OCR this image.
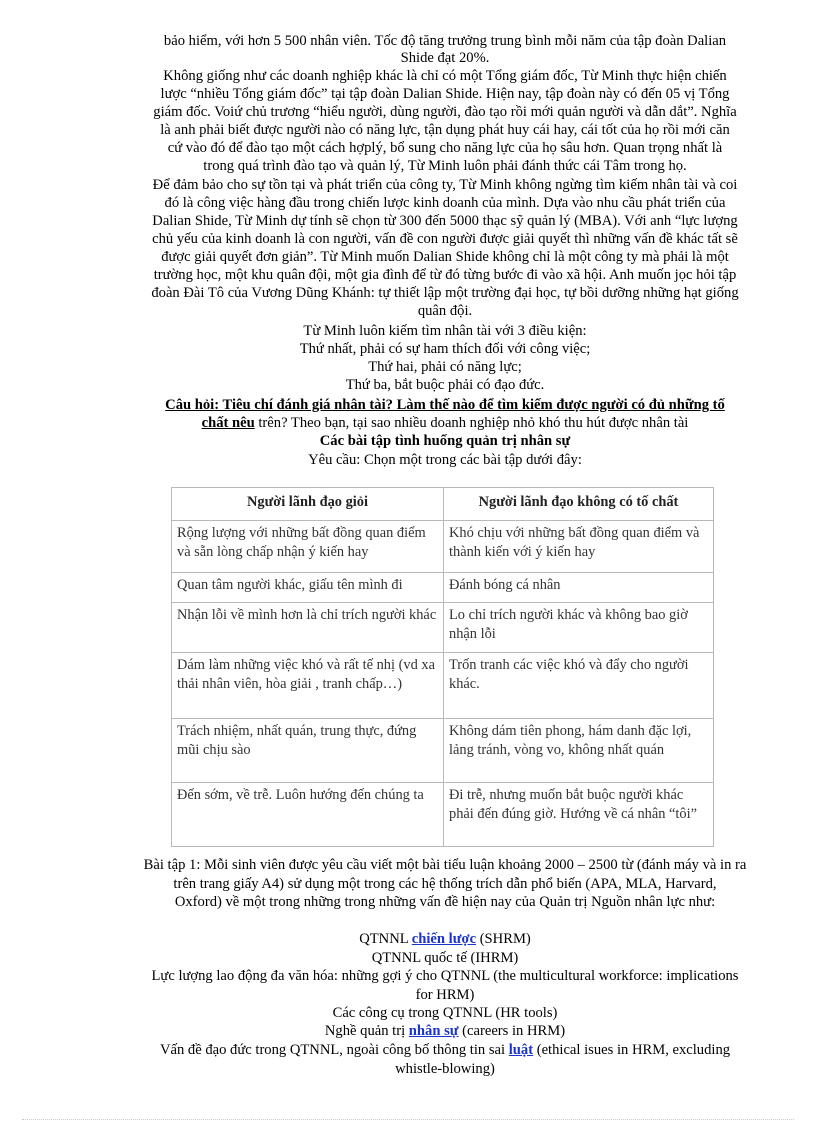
bảo hiểm, với hơn 5 500 nhân viên. Tốc độ tăng trưởng trung bình mỗi năm của tập đoàn Dalian
Shide đạt 20%.
Không giống như các doanh nghiệp khác là chỉ có một Tổng giám đốc, Từ Minh thực hiện chiến
lược “nhiều Tổng giám đốc” tại tập đoàn Dalian Shide. Hiện nay, tập đoàn này có đến 05 vị Tổng
giám đốc. Voiứ chủ trương “hiểu người, dùng người, đào tạo rồi mới quản người và dẫn dắt”. Nghĩa
là anh phải biết được người nào có năng lực, tận dụng phát huy cái hay, cái tốt của họ rồi mới căn
cứ vào đó để đào tạo một cách hợplý, bổ sung cho năng lực của họ sâu hơn. Quan trọng nhất là
trong quá trình đào tạo và quản lý, Từ Minh luôn phải đánh thức cái Tâm trong họ.
Để đảm bảo cho sự tồn tại và phát triển của công ty, Từ Minh không ngừng tìm kiếm nhân tài và coi
đó là công việc hàng đầu trong chiến lược kinh doanh của mình. Dựa vào nhu cầu phát triển của
Dalian Shide, Từ Minh dự tính sẽ chọn từ 300 đến 5000 thạc sỹ quản lý (MBA). Với anh “lực lượng
chủ yếu của kinh doanh là con người, vấn đề con người được giải quyết thì những vấn đề khác tất sẽ
được giải quyết đơn giản”. Từ Minh muốn Dalian Shide không chỉ là một công ty mà phải là một
trường học, một khu quân đội, một gia đình để từ đó từng bước đi vào xã hội. Anh muốn jọc hỏi tập
đoàn Đài Tô của Vương Dũng Khánh: tự thiết lập một trường đại học, tự bồi dưỡng những hạt giống
quân đội.
Từ Minh luôn kiếm tìm nhân tài với 3 điều kiện:
Thứ nhất, phải có sự ham thích đối với công việc;
Thứ hai, phải có năng lực;
Thứ ba, bắt buộc phải có đạo đức.
Câu hỏi: Tiêu chí đánh giá nhân tài? Làm thế nào để tìm kiếm được người có đủ những tố
chất nêu trên? Theo bạn, tại sao nhiều doanh nghiệp nhỏ khó thu hút được nhân tài
Các bài tập tình huống quản trị nhân sự
Yêu cầu: Chọn một trong các bài tập dưới đây:
Người lãnh đạo giỏi	Người lãnh đạo không có tố chất
Rộng lượng với những bất đồng quan điểm và sẵn lòng chấp nhận ý kiến hay	Khó chịu với những bất đồng quan điểm và thành kiến với ý kiến hay
Quan tâm người khác, giấu tên mình đi	Đánh bóng cá nhân
Nhận lỗi về mình hơn là chỉ trích người khác	Lo chỉ trích người khác và không bao giờ nhận lỗi
Dám làm những việc khó và rất tế nhị (vd xa thải nhân viên, hòa giải , tranh chấp…)	Trốn tranh các việc khó và đẩy cho người khác.
Trách nhiệm, nhất quán, trung thực, đứng mũi chịu sào	Không dám tiên phong, hám danh đặc lợi, lảng tránh, vòng vo, không nhất quán
Đến sớm, về trễ. Luôn hướng đến chúng ta	Đi trễ, nhưng muốn bắt buộc người khác phải đến đúng giờ. Hướng về cá nhân “tôi”
Bài tập 1: Mỗi sinh viên được yêu cầu viết một bài tiểu luận khoảng 2000 – 2500 từ (đánh máy và in ra
trên trang giấy A4) sử dụng một trong các hệ thống trích dẫn phổ biến (APA, MLA, Harvard,
Oxford) về một trong những trong những vấn đề hiện nay của Quản trị Nguồn nhân lực như:
QTNNL chiến lược (SHRM)
QTNNL quốc tế (IHRM)
Lực lượng lao động đa văn hóa: những gợi ý cho QTNNL (the multicultural workforce: implications
for HRM)
Các công cụ trong QTNNL (HR tools)
Nghề quản trị nhân sự (careers in HRM)
Vấn đề đạo đức trong QTNNL, ngoài công bố thông tin sai luật (ethical isues in HRM, excluding
whistle-blowing)
